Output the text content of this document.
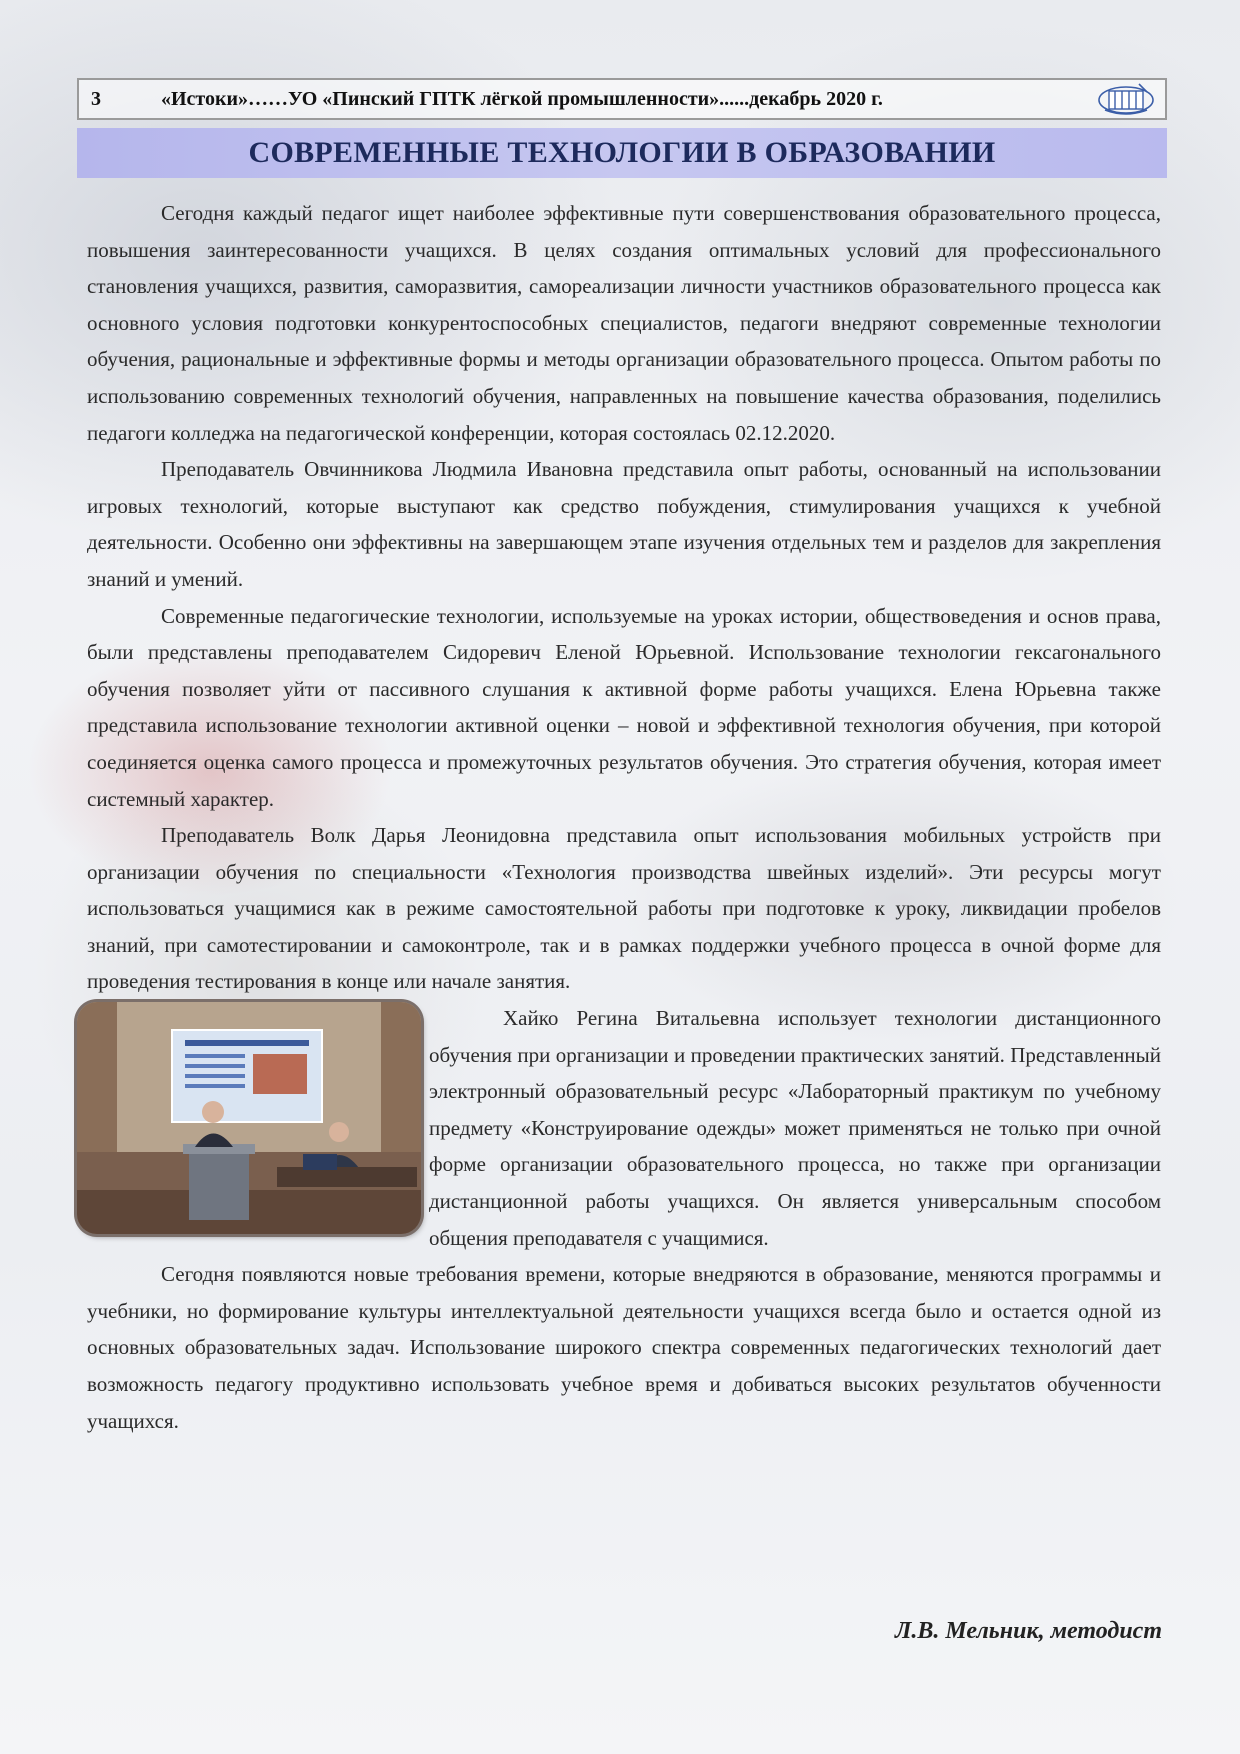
3	«Истоки»……УО «Пинский ГПТК лёгкой промышленности»......декабрь 2020 г.
СОВРЕМЕННЫЕ ТЕХНОЛОГИИ В ОБРАЗОВАНИИ

Сегодня каждый педагог ищет наиболее эффективные пути совершенствования образовательного процесса, повышения заинтересованности учащихся. В целях создания оптимальных условий для профессионального становления учащихся, развития, саморазвития, самореализации личности участников образовательного процесса как основного условия подготовки конкурентоспособных специалистов, педагоги внедряют современные технологии обучения, рациональные и эффективные формы и методы организации образовательного процесса. Опытом работы по использованию современных технологий обучения, направленных на повышение качества образования, поделились педагоги колледжа на педагогической конференции, которая состоялась 02.12.2020.

Преподаватель Овчинникова Людмила Ивановна представила опыт работы, основанный на использовании игровых технологий, которые выступают как средство побуждения, стимулирования учащихся к учебной деятельности. Особенно они эффективны на завершающем этапе изучения отдельных тем и разделов для закрепления знаний и умений.

Современные педагогические технологии, используемые на уроках истории, обществоведения и основ права, были представлены преподавателем Сидоревич Еленой Юрьевной. Использование технологии гексагонального обучения позволяет уйти от пассивного слушания к активной форме работы учащихся. Елена Юрьевна также представила использование технологии активной оценки – новой и эффективной технология обучения, при которой соединяется оценка самого процесса и промежуточных результатов обучения. Это стратегия обучения, которая имеет системный характер.

Преподаватель Волк Дарья Леонидовна представила опыт использования мобильных устройств при организации обучения по специальности «Технология производства швейных изделий». Эти ресурсы могут использоваться учащимися как в режиме самостоятельной работы при подготовке к уроку, ликвидации пробелов знаний, при самотестировании и самоконтроле, так и в рамках поддержки учебного процесса в очной форме для проведения тестирования в конце или начале занятия.

Хайко Регина Витальевна использует технологии дистанционного обучения при организации и проведении практических занятий. Представленный электронный образовательный ресурс «Лабораторный практикум по учебному предмету «Конструирование одежды» может применяться не только при очной форме организации образовательного процесса, но также при организации дистанционной работы учащихся. Он является универсальным способом общения преподавателя с учащимися.

Сегодня появляются новые требования времени, которые внедряются в образование, меняются программы и учебники, но формирование культуры интеллектуальной деятельности учащихся всегда было и остается одной из основных образовательных задач. Использование широкого спектра современных педагогических технологий дает возможность педагогу продуктивно использовать учебное время и добиваться высоких результатов обученности учащихся.

Л.В. Мельник, методист
